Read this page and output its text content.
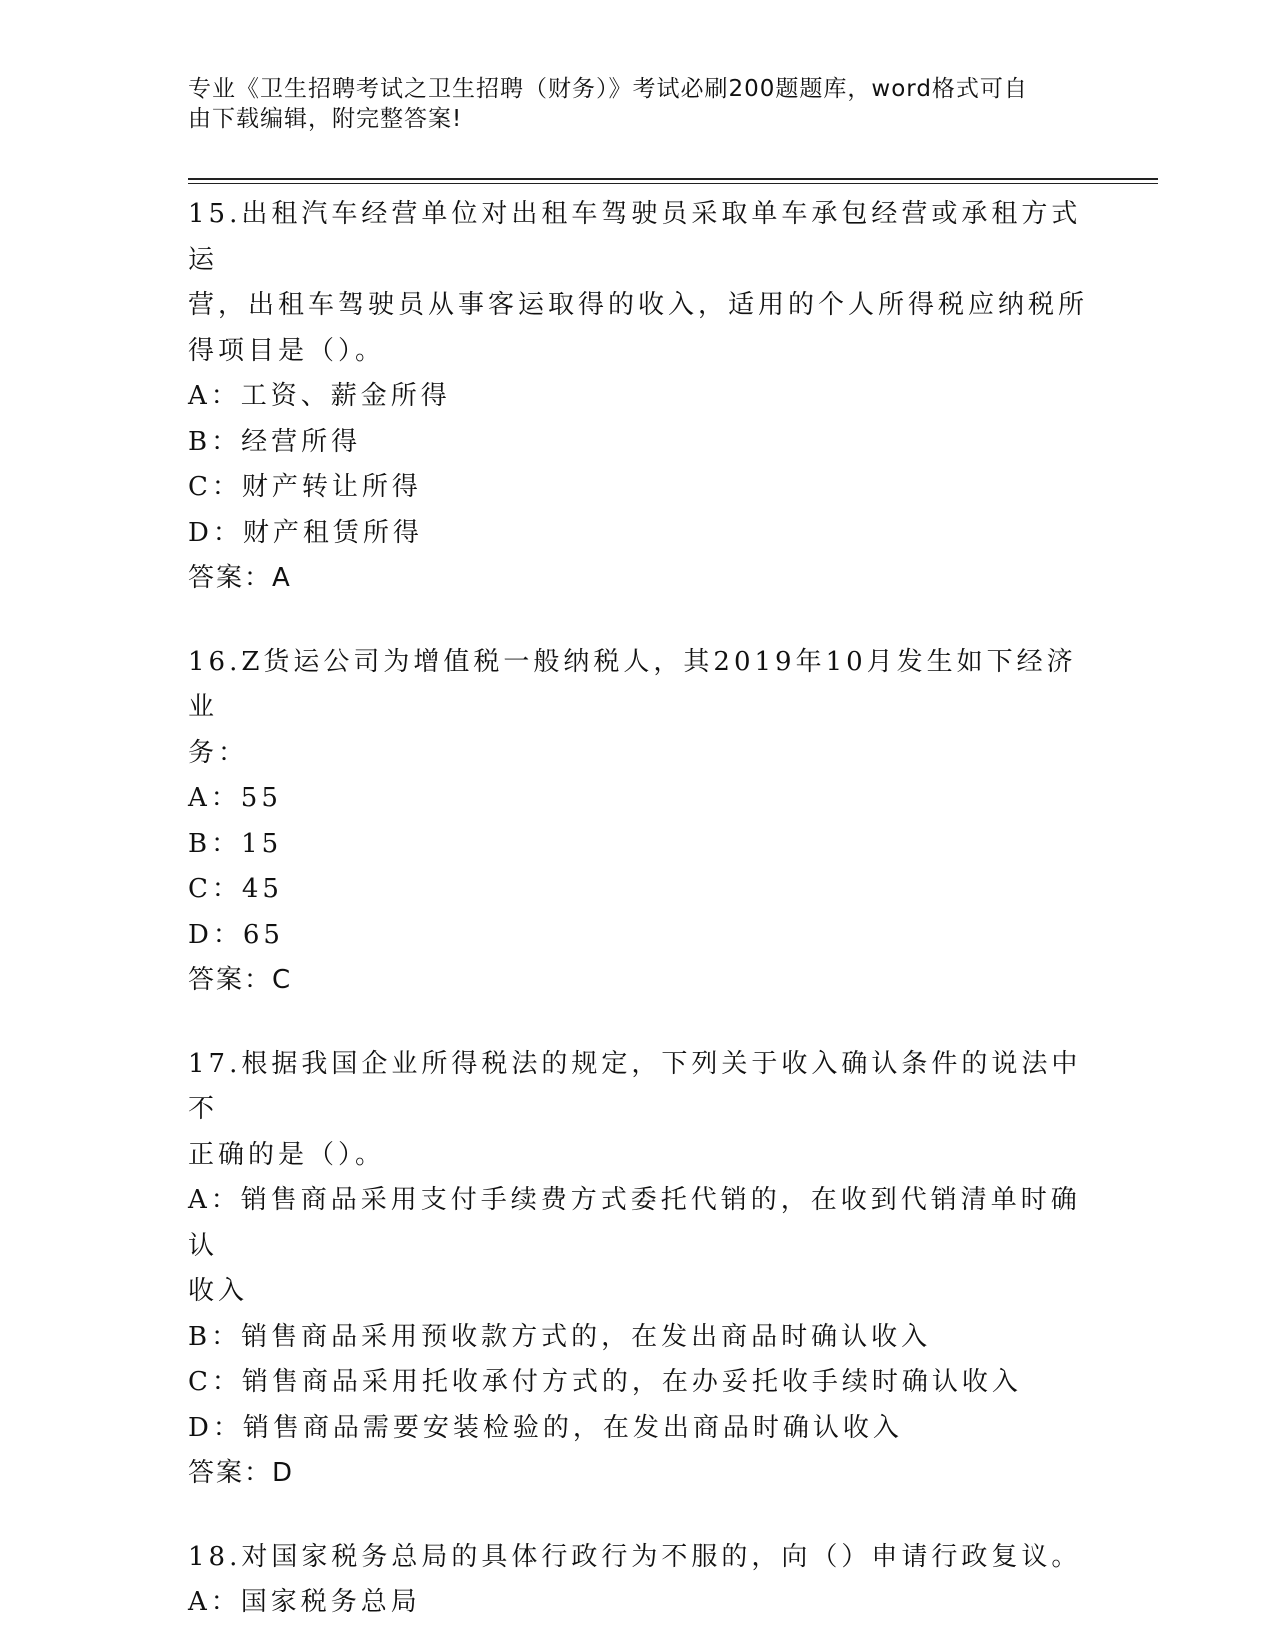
专业《卫生招聘考试之卫生招聘（财务）》考试必刷200题题库，word格式可自
由下载编辑，附完整答案!
15.出租汽车经营单位对出租车驾驶员采取单车承包经营或承租方式运
营，出租车驾驶员从事客运取得的收入，适用的个人所得税应纳税所
得项目是（）。
A：工资、薪金所得
B：经营所得
C：财产转让所得
D：财产租赁所得
答案：A
16.Z货运公司为增值税一般纳税人，其2019年10月发生如下经济业
务：
A：55
B：15
C：45
D：65
答案：C
17.根据我国企业所得税法的规定，下列关于收入确认条件的说法中不
正确的是（）。
A：销售商品采用支付手续费方式委托代销的，在收到代销清单时确认
收入
B：销售商品采用预收款方式的，在发出商品时确认收入
C：销售商品采用托收承付方式的，在办妥托收手续时确认收入
D：销售商品需要安装检验的，在发出商品时确认收入
答案：D
18.对国家税务总局的具体行政行为不服的，向（）申请行政复议。
A：国家税务总局
